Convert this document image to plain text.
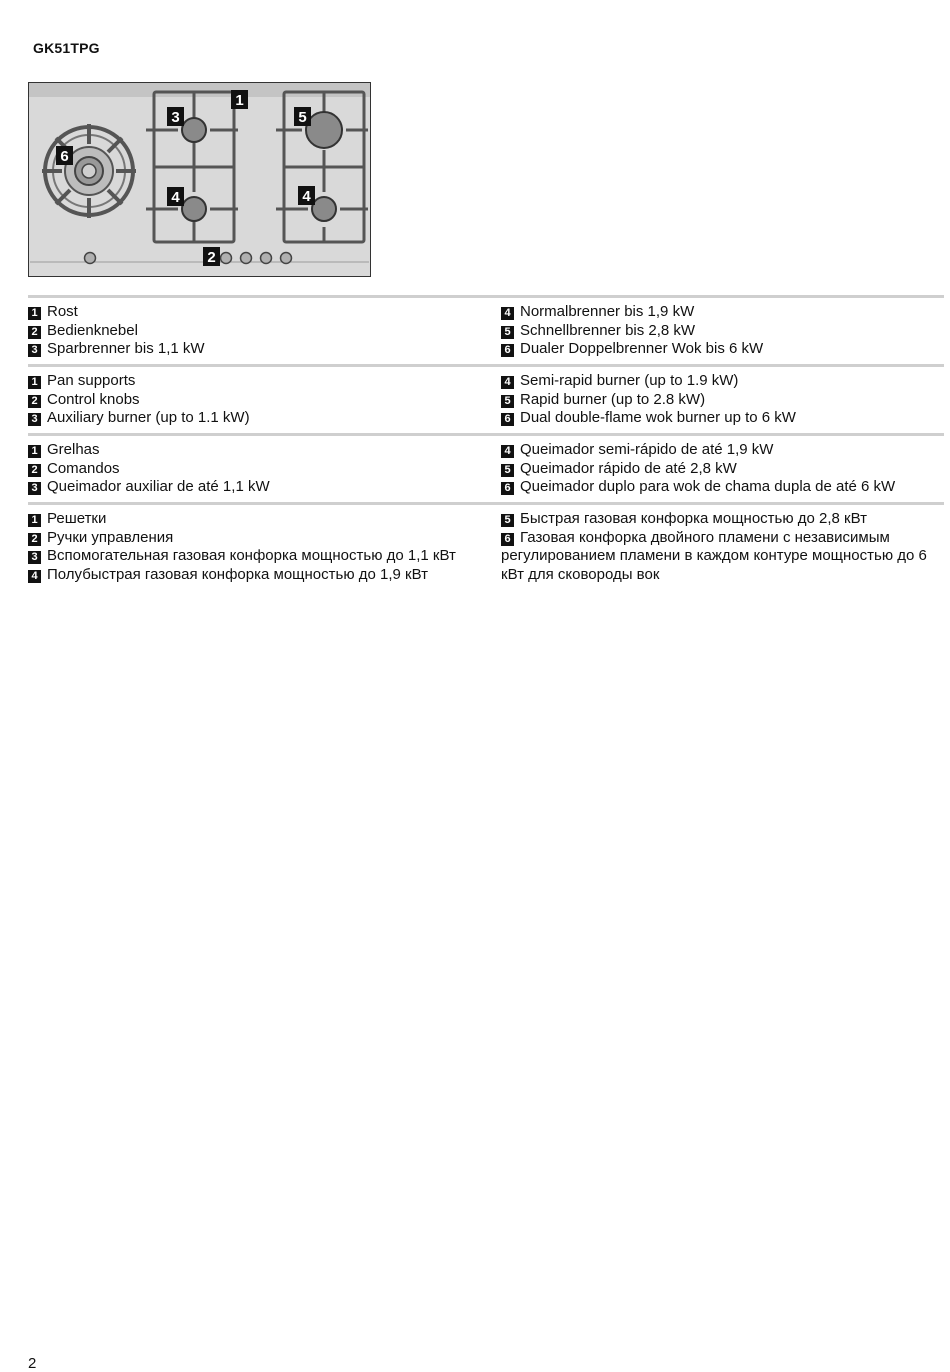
GK51TPG
1
2
3
4
5
4
6

1 Rost

2 Bedienknebel

3 Sparbrenner bis 1,1 kW

4 Normalbrenner bis 1,9 kW

5 Schnellbrenner bis 2,8 kW

6 Dualer Doppelbrenner Wok bis 6 kW

1 Pan supports

2 Control knobs

3 Auxiliary burner (up to 1.1 kW)

4 Semi-rapid burner (up to 1.9 kW)

5 Rapid burner (up to 2.8 kW)

6 Dual double-flame wok burner up to 6 kW

1 Grelhas

2 Comandos

3 Queimador auxiliar de até 1,1 kW

4 Queimador semi-rápido de até 1,9 kW

5 Queimador rápido de até 2,8 kW

6 Queimador duplo para wok de chama dupla de até 6 kW

1 Решетки

2 Ручки управления

3 Вспомогательная газовая конфорка мощностью до 1,1 кВт

4 Полубыстрая газовая конфорка мощностью до 1,9 кВт

5 Быстрая газовая конфорка мощностью до 2,8 кВт

6 Газовая конфорка двойного пламени с независимым регулированием пламени в каждом контуре мощностью до 6 кВт для сковороды вок

2
